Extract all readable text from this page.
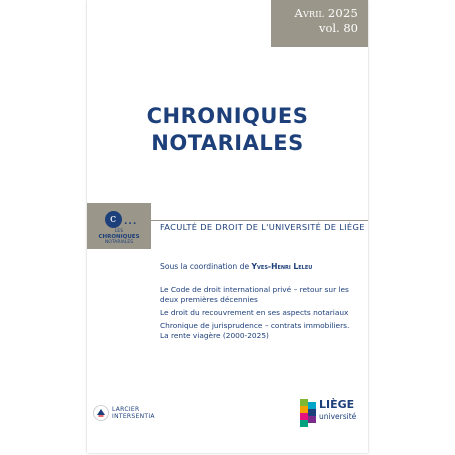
Avril 2025
vol. 80
CHRONIQUES
NOTARIALES
c ...
LES
CHRONIQUES
NOTARIALES
FACULTÉ DE DROIT DE L'UNIVERSITÉ DE LIÈGE
Sous la coordination de Yves-Henri Leleu
Le Code de droit international privé – retour sur les deux premières décennies
Le droit du recouvrement en ses aspects notariaux
Chronique de jurisprudence – contrats immobiliers. La rente viagère (2000-2025)
LARCIER
INTERSENTIA
LIÈGE
université
